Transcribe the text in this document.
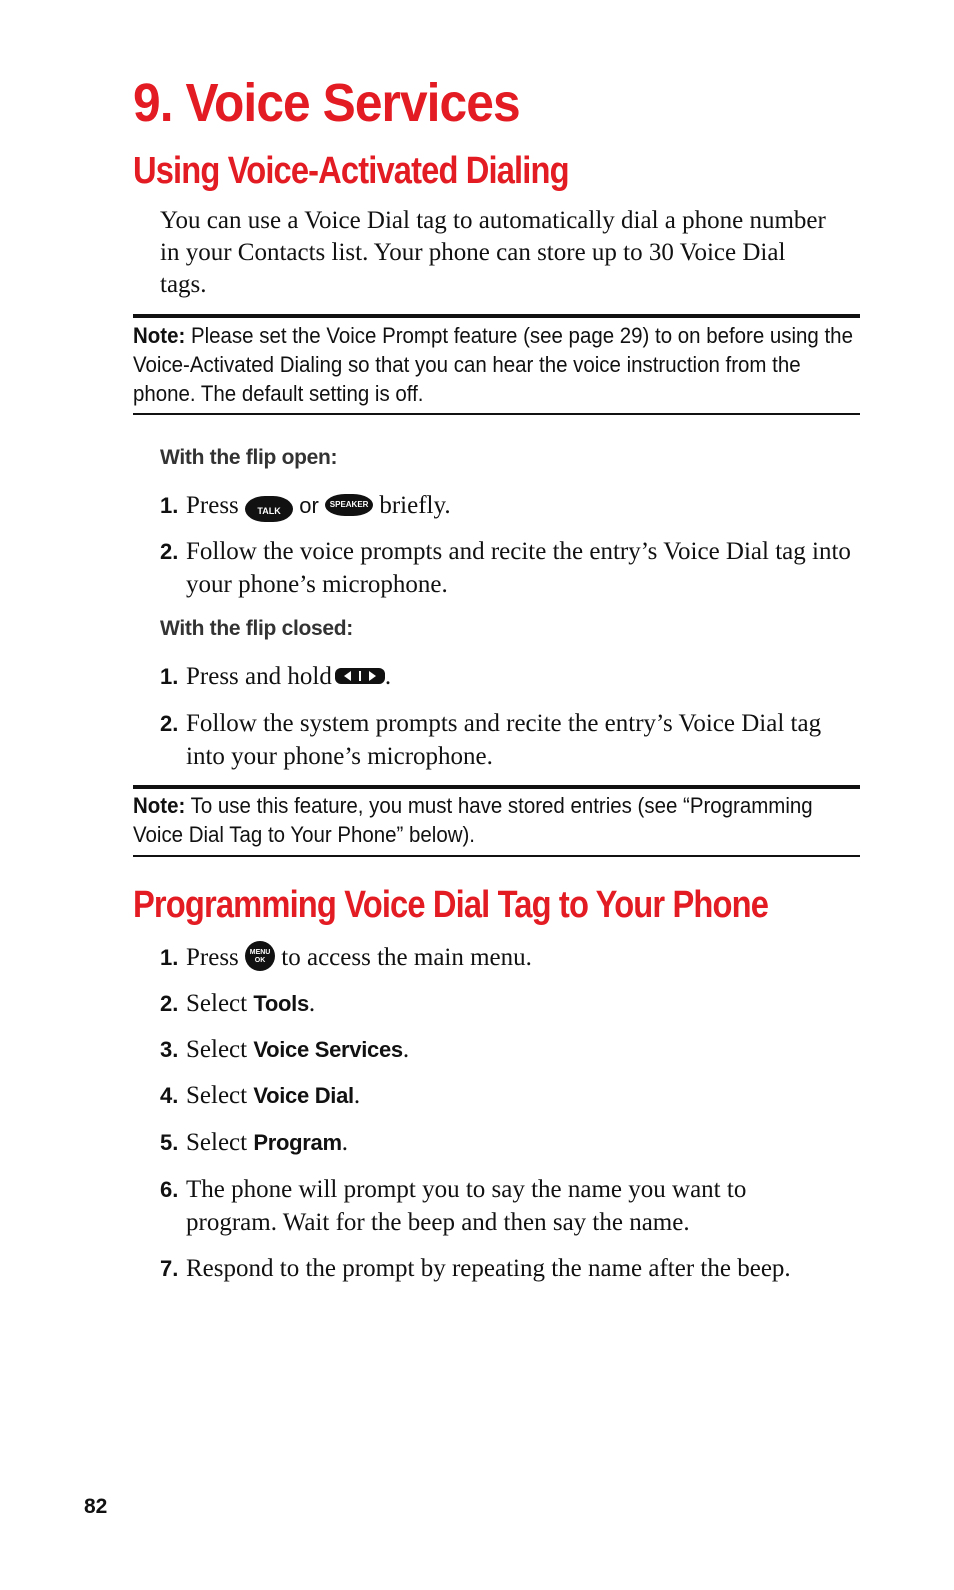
9. Voice Services
Using Voice-Activated Dialing

You can use a Voice Dial tag to automatically dial a phone number in your Contacts list. Your phone can store up to 30 Voice Dial tags.

Note: Please set the Voice Prompt feature (see page 29) to on before using the Voice-Activated Dialing so that you can hear the voice instruction from the phone. The default setting is off.

With the flip open:

1. Press TALK or SPEAKER briefly.
2. Follow the voice prompts and recite the entry’s Voice Dial tag into your phone’s microphone.

With the flip closed:

1. Press and hold .
2. Follow the system prompts and recite the entry’s Voice Dial tag into your phone’s microphone.

Note: To use this feature, you must have stored entries (see “Programming Voice Dial Tag to Your Phone” below).

Programming Voice Dial Tag to Your Phone
1. Press	MENU
OK to access the main menu.
2. Select Tools.
3. Select Voice Services.
4. Select Voice Dial.
5. Select Program.
6. The phone will prompt you to say the name you want to program. Wait for the beep and then say the name.
7. Respond to the prompt by repeating the name after the beep.

82
